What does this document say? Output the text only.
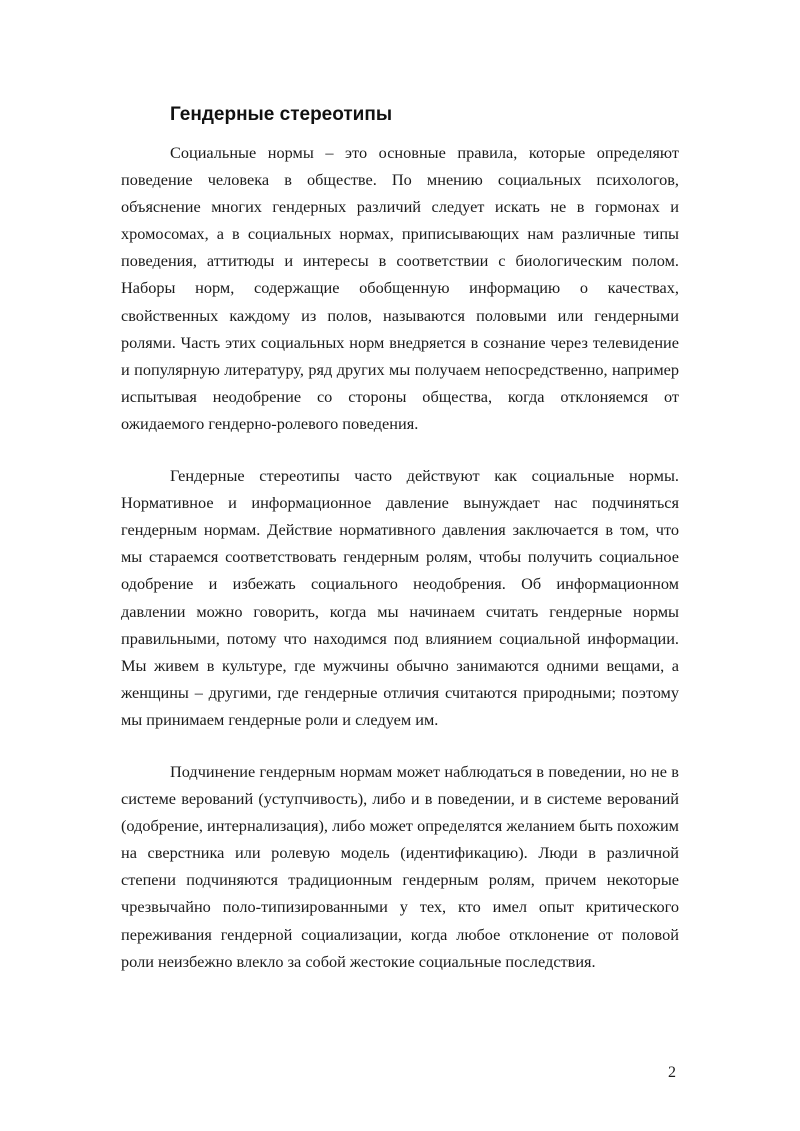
Гендерные стереотипы

Социальные нормы – это основные правила, которые определяют поведение человека в обществе. По мнению социальных психологов, объяснение многих гендерных различий следует искать не в гормонах и хромосомах, а в социальных нормах, приписывающих нам различные типы поведения, аттитюды и интересы в соответствии с биологическим полом. Наборы норм, содержащие обобщенную информацию о качествах, свойственных каждому из полов, называются половыми или гендерными ролями. Часть этих социальных норм внедряется в сознание через телевидение и популярную литературу, ряд других мы получаем непосредственно, например испытывая неодобрение со стороны общества, когда отклоняемся от ожидаемого гендерно-ролевого поведения.

Гендерные стереотипы часто действуют как социальные нормы. Нормативное и информационное давление вынуждает нас подчиняться гендерным нормам. Действие нормативного давления заключается в том, что мы стараемся соответствовать гендерным ролям, чтобы получить социальное одобрение и избежать социального неодобрения. Об информационном давлении можно говорить, когда мы начинаем считать гендерные нормы правильными, потому что находимся под влиянием социальной информации. Мы живем в культуре, где мужчины обычно занимаются одними вещами, а женщины – другими, где гендерные отличия считаются природными; поэтому мы принимаем гендерные роли и следуем им.

Подчинение гендерным нормам может наблюдаться в поведении, но не в системе верований (уступчивость), либо и в поведении, и в системе верований (одобрение, интернализация), либо может определятся желанием быть похожим на сверстника или ролевую модель (идентификацию). Люди в различной степени подчиняются традиционным гендерным ролям, причем некоторые чрезвычайно поло-типизированными у тех, кто имел опыт критического переживания гендерной социализации, когда любое отклонение от половой роли неизбежно влекло за собой жестокие социальные последствия.

2
